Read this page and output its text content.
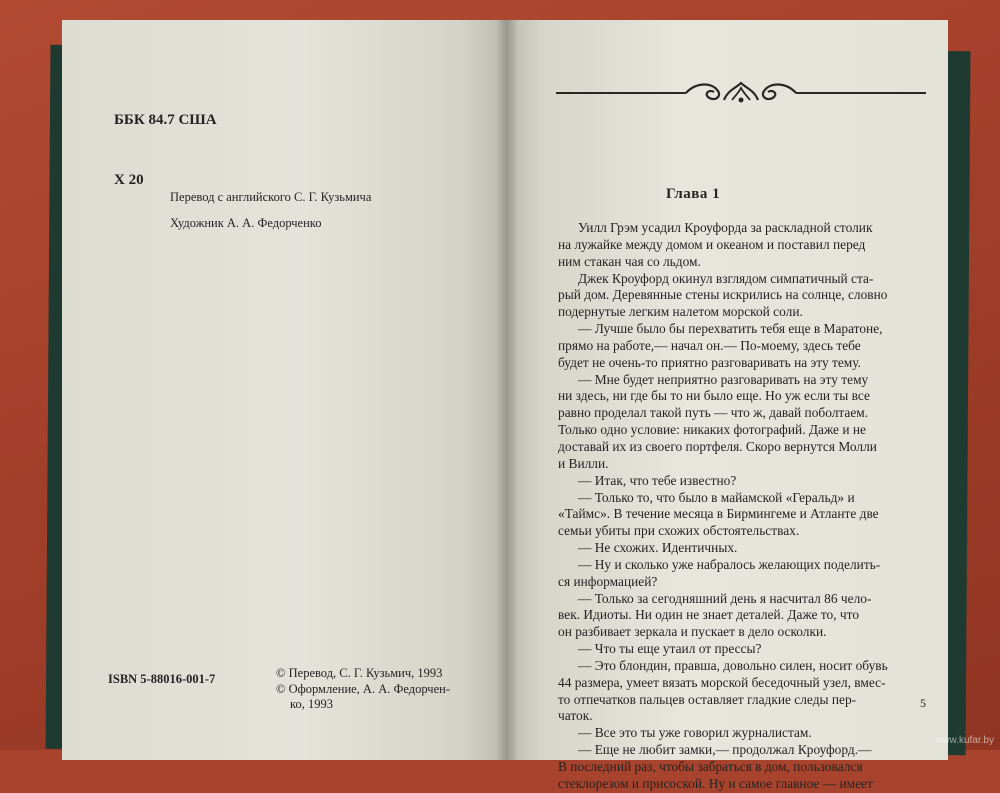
ББК 84.7 США

Х 20

Перевод с английского С. Г. Кузьмича
Художник А. А. Федорченко
ISBN 5-88016-001-7	© Перевод, С. Г. Кузьмич, 1993
© Оформление, А. А. Федорчен-
ко, 1993
Глава 1
Уилл Грэм усадил Кроуфорда за раскладной столик
на лужайке между домом и океаном и поставил перед
ним стакан чая со льдом.
Джек Кроуфорд окинул взглядом симпатичный ста-
рый дом. Деревянные стены искрились на солнце, словно
подернутые легким налетом морской соли.
— Лучше было бы перехватить тебя еще в Маратоне,
прямо на работе,— начал он.— По-моему, здесь тебе
будет не очень-то приятно разговаривать на эту тему.
— Мне будет неприятно разговаривать на эту тему
ни здесь, ни где бы то ни было еще. Но уж если ты все
равно проделал такой путь — что ж, давай поболтаем.
Только одно условие: никаких фотографий. Даже и не
доставай их из своего портфеля. Скоро вернутся Молли
и Вилли.
— Итак, что тебе известно?
— Только то, что было в майамской «Геральд» и
«Таймс». В течение месяца в Бирмингеме и Атланте две
семьи убиты при схожих обстоятельствах.
— Не схожих. Идентичных.
— Ну и сколько уже набралось желающих поделить-
ся информацией?
— Только за сегодняшний день я насчитал 86 чело-
век. Идиоты. Ни один не знает деталей. Даже то, что
он разбивает зеркала и пускает в дело осколки.
— Что ты еще утаил от прессы?
— Это блондин, правша, довольно силен, носит обувь
44 размера, умеет вязать морской беседочный узел, вмес-
то отпечатков пальцев оставляет гладкие следы пер-
чаток.
— Все это ты уже говорил журналистам.
— Еще не любит замки,— продолжал Кроуфорд.—
В последний раз, чтобы забраться в дом, пользовался
стеклорезом и присоской. Ну и самое главное — имеет
5
www.kufar.by
